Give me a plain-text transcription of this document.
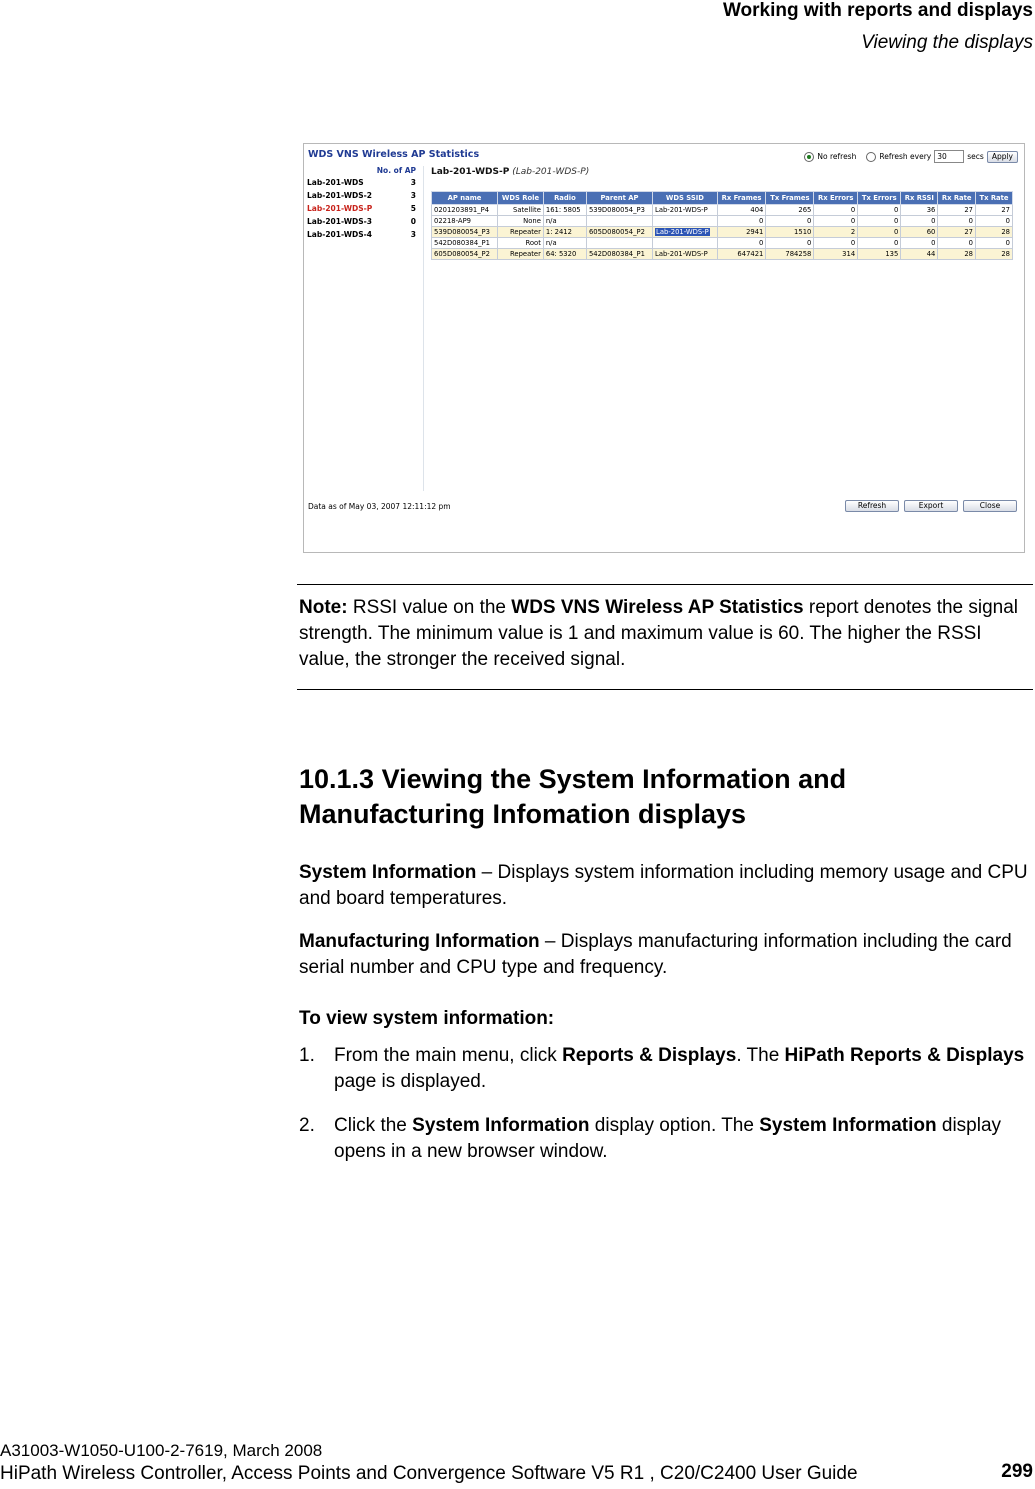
Working with reports and displays
Viewing the displays
WDS VNS Wireless AP Statistics	No refresh	Refresh every
30	secs	Apply
No. of AP
Lab-201-WDS	3
Lab-201-WDS-2	3
Lab-201-WDS-P	5
Lab-201-WDS-3	0
Lab-201-WDS-4	3
Lab-201-WDS-P (Lab-201-WDS-P)
AP name	WDS Role	Radio	Parent AP	WDS SSID	Rx Frames	Tx Frames	Rx Errors	Tx Errors	Rx RSSI	Rx Rate	Tx Rate
0201203891_P4	Satellite	161: 5805	539D080054_P3	Lab-201-WDS-P	404	265	0	0	36	27	27
02218-AP9	None	n/a			0	0	0	0	0	0	0
539D080054_P3	Repeater	1: 2412	605D080054_P2	Lab-201-WDS-P	2941	1510	2	0	60	27	28
542D080384_P1	Root	n/a			0	0	0	0	0	0	0
605D080054_P2	Repeater	64: 5320	542D080384_P1	Lab-201-WDS-P	647421	784258	314	135	44	28	28
Data as of May 03, 2007 12:11:12 pm	Refresh	Export	Close
Note: RSSI value on the WDS VNS Wireless AP Statistics report denotes the signal strength. The minimum value is 1 and maximum value is 60. The higher the RSSI value, the stronger the received signal.
10.1.3 Viewing the System Information and
Manufacturing Infomation displays
System Information – Displays system information including memory usage and CPU and board temperatures.
Manufacturing Information – Displays manufacturing information including the card serial number and CPU type and frequency.
To view system information:
1. From the main menu, click Reports & Displays. The HiPath Reports & Displays page is displayed.
2. Click the System Information display option. The System Information display opens in a new browser window.
A31003-W1050-U100-2-7619, March 2008
HiPath Wireless Controller, Access Points and Convergence Software V5 R1 , C20/C2400 User Guide	299
